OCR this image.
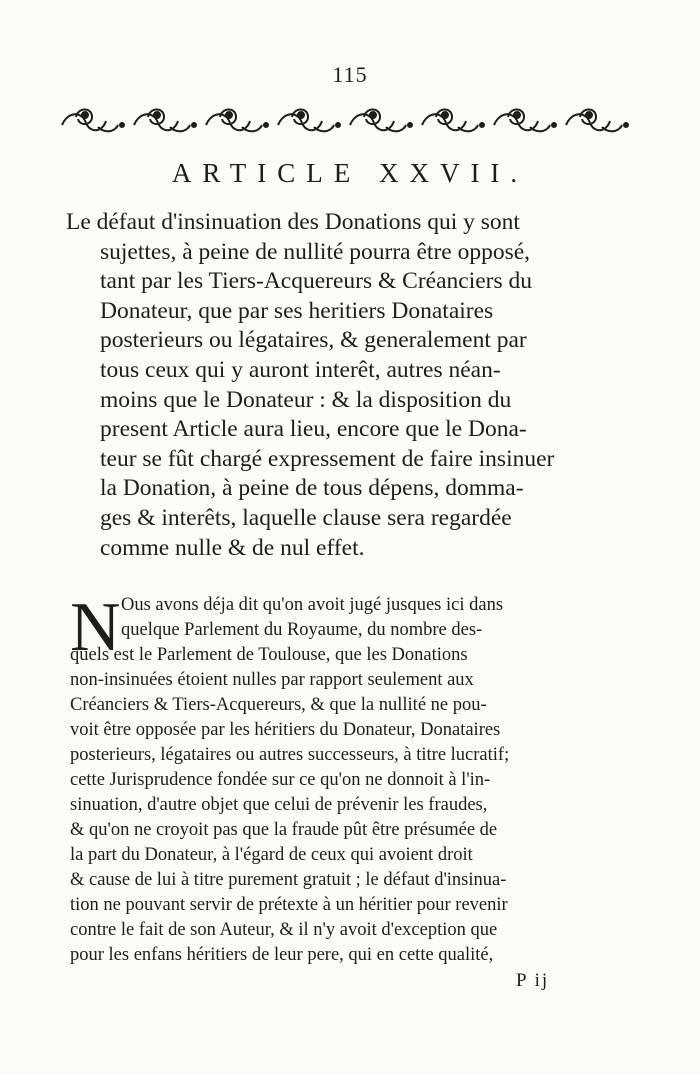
115
ARTICLE XXVII.
Le défaut d'insinuation des Donations qui y sont
sujettes, à peine de nullité pourra être opposé,
tant par les Tiers-Acquereurs & Créanciers du
Donateur, que par ses heritiers Donataires
posterieurs ou légataires, & generalement par
tous ceux qui y auront interêt, autres néan-
moins que le Donateur : & la disposition du
present Article aura lieu, encore que le Dona-
teur se fût chargé expressement de faire insinuer
la Donation, à peine de tous dépens, dommа-
ges & interêts, laquelle clause sera regardée
comme nulle & de nul effet.
N Ous avons déja dit qu'on avoit jugé jusques ici dans
quelque Parlement du Royaume, du nombre des-
quels est le Parlement de Toulouse, que les Donations
non-insinuées étoient nulles par rapport seulement aux
Créanciers & Tiers-Acquereurs, & que la nullité ne pou-
voit être opposée par les héritiers du Donateur, Donataires
posterieurs, légataires ou autres successeurs, à titre lucratif;
cette Jurisprudence fondée sur ce qu'on ne donnoit à l'in-
sinuation, d'autre objet que celui de prévenir les fraudes,
& qu'on ne croyoit pas que la fraude pût être présumée de
la part du Donateur, à l'égard de ceux qui avoient droit
& cause de lui à titre purement gratuit ; le défaut d'insinua-
tion ne pouvant servir de prétexte à un héritier pour revenir
contre le fait de son Auteur, & il n'y avoit d'exception que
pour les enfans héritiers de leur pere, qui en cette qualité,
P ij
